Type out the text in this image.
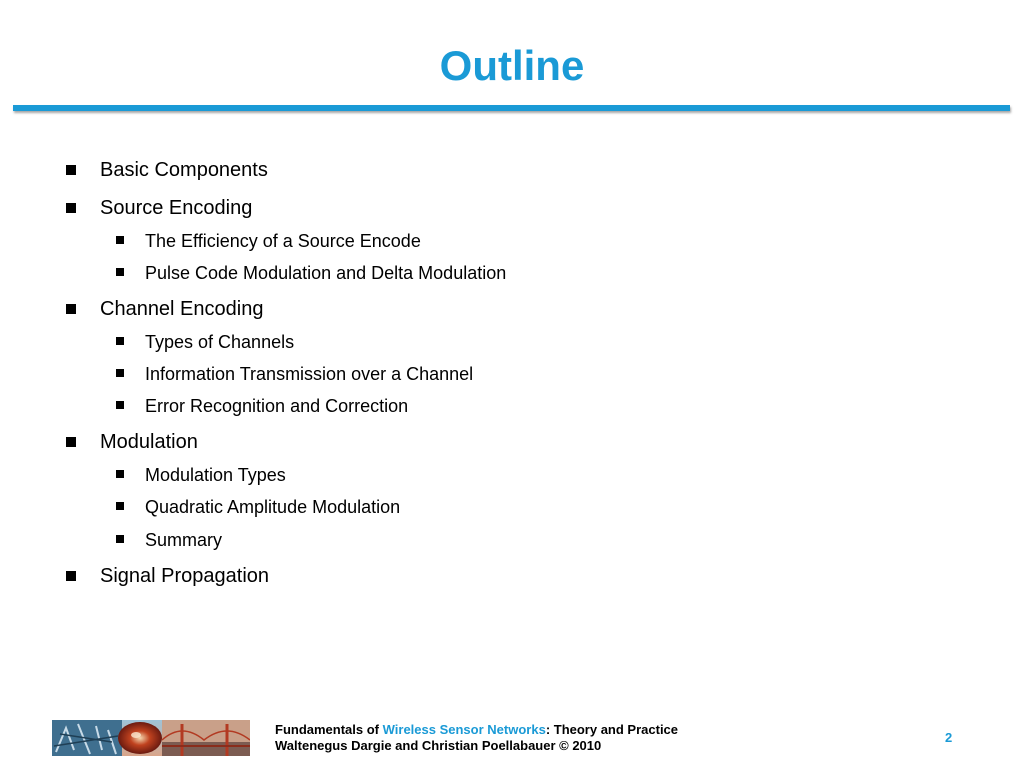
Outline
Basic Components
Source Encoding
The Efficiency of a Source Encode
Pulse Code Modulation and Delta Modulation
Channel Encoding
Types of Channels
Information Transmission over a Channel
Error Recognition and Correction
Modulation
Modulation Types
Quadratic Amplitude Modulation
Summary
Signal Propagation
Fundamentals of Wireless Sensor Networks: Theory and Practice
Waltenegus Dargie and Christian Poellabauer © 2010
2
